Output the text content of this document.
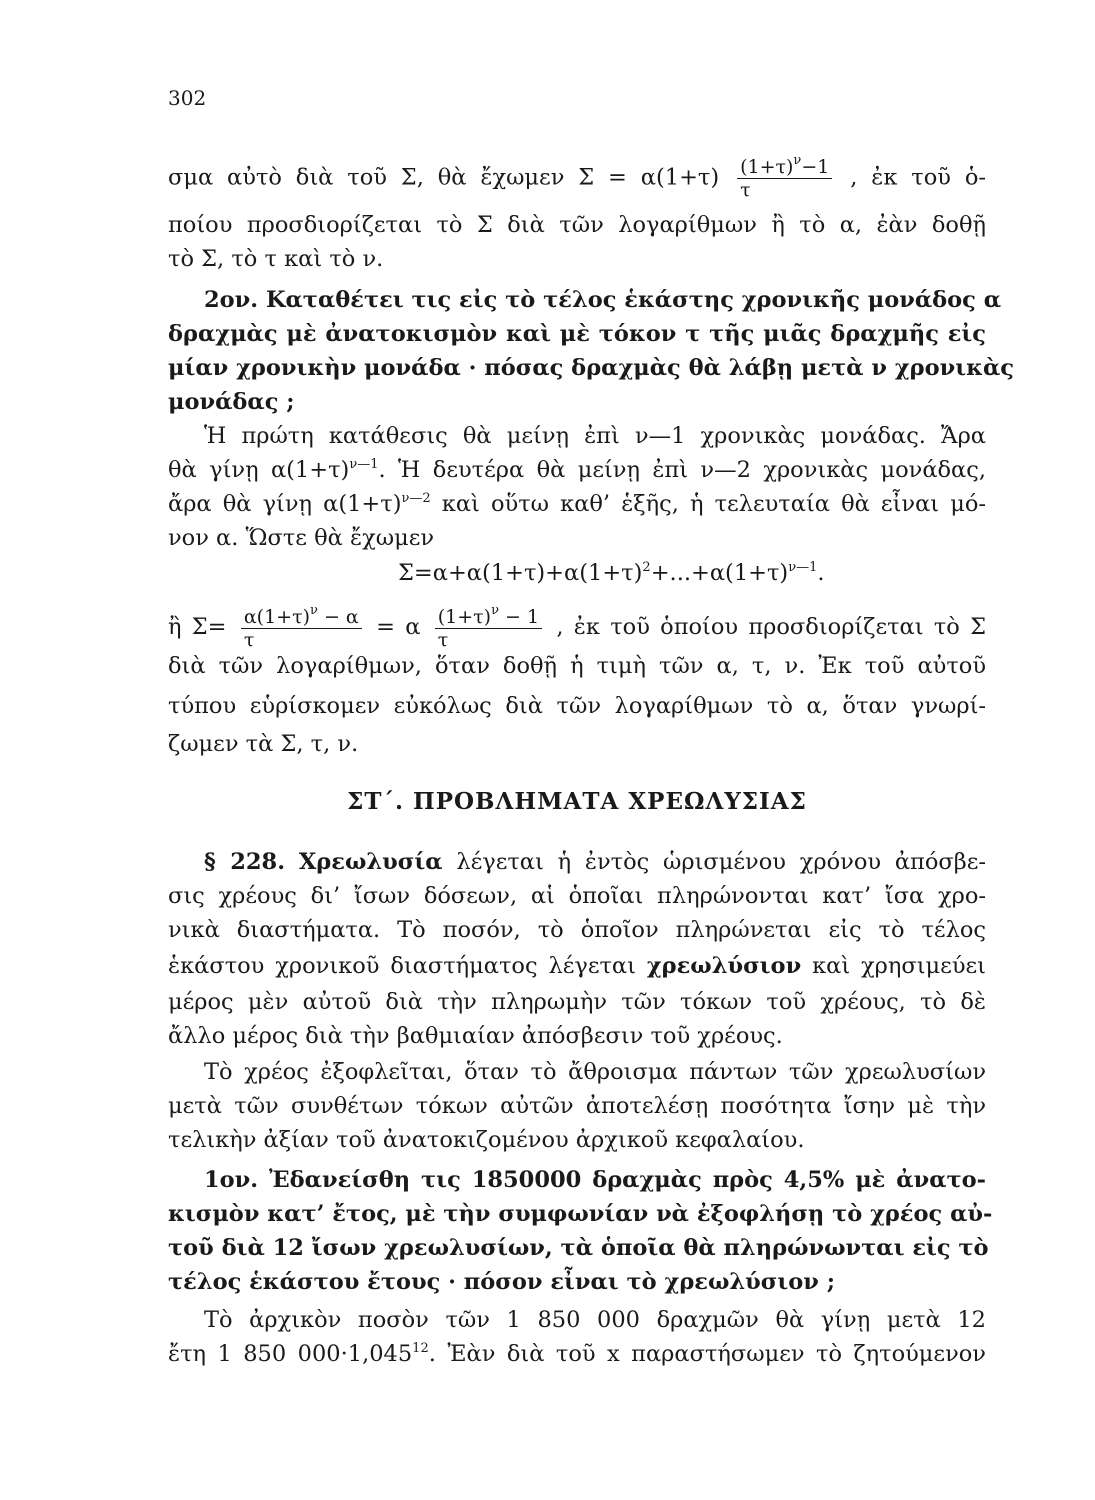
302
σμα αὐτὸ διὰ τοῦ Σ, θὰ ἔχωμεν $\Sigma = \alpha(1+\tau) \frac{(1+\tau)^\nu-1}{\tau}$ , ἐκ τοῦ ὁ-
ποίου προσδιορίζεται τὸ Σ διὰ τῶν λογαρίθμων ἢ τὸ α, ἐὰν δοθῇ
τὸ Σ, τὸ τ καὶ τὸ ν.
2ον. Καταθέτει τις εἰς τὸ τέλος ἑκάστης χρονικῆς μονάδος α
δραχμὰς μὲ ἀνατοκισμὸν καὶ μὲ τόκον τ τῆς μιᾶς δραχμῆς εἰς
μίαν χρονικὴν μονάδα · πόσας δραχμὰς θὰ λάβῃ μετὰ ν χρονικὰς
μονάδας ;
Ἡ πρώτη κατάθεσις θὰ μείνῃ ἐπὶ ν—1 χρονικὰς μονάδας. Ἄρα
θὰ γίνῃ $\alpha(1+\tau)^{\nu—1}$. Ἡ δευτέρα θὰ μείνῃ ἐπὶ ν—2 χρονικὰς μονάδας,
ἄρα θὰ γίνῃ $\alpha(1+\tau)^{\nu—2}$ καὶ οὕτω καθ’ ἑξῆς, ἡ τελευταία θὰ εἶναι μό-
νον α. Ὥστε θὰ ἔχωμεν
$\Sigma=\alpha+\alpha(1+\tau)+\alpha(1+\tau)^2+...+\alpha(1+\tau)^{\nu—1}$.
ἢ $\Sigma= \frac{\alpha(1+\tau)^\nu - \alpha}{\tau} = \alpha \frac{(1+\tau)^\nu - 1}{\tau}$ , ἐκ τοῦ ὁποίου προσδιορίζεται τὸ Σ
διὰ τῶν λογαρίθμων, ὅταν δοθῇ ἡ τιμὴ τῶν α, τ, ν. Ἐκ τοῦ αὐτοῦ
τύπου εὑρίσκομεν εὐκόλως διὰ τῶν λογαρίθμων τὸ α, ὅταν γνωρί-
ζωμεν τὰ Σ, τ, ν.
ΣΤ΄. ΠΡΟΒΛΗΜΑΤΑ ΧΡΕΩΛΥΣΙΑΣ
§ 228. Χρεωλυσία λέγεται ἡ ἐντὸς ὡρισμένου χρόνου ἀπόσβε-
σις χρέους δι’ ἴσων δόσεων, αἱ ὁποῖαι πληρώνονται κατ’ ἴσα χρο-
νικὰ διαστήματα. Τὸ ποσόν, τὸ ὁποῖον πληρώνεται εἰς τὸ τέλος
ἑκάστου χρονικοῦ διαστήματος λέγεται χρεωλύσιον καὶ χρησιμεύει
μέρος μὲν αὐτοῦ διὰ τὴν πληρωμὴν τῶν τόκων τοῦ χρέους, τὸ δὲ
ἄλλο μέρος διὰ τὴν βαθμιαίαν ἀπόσβεσιν τοῦ χρέους.
Τὸ χρέος ἐξοφλεῖται, ὅταν τὸ ἄθροισμα πάντων τῶν χρεωλυσίων
μετὰ τῶν συνθέτων τόκων αὐτῶν ἀποτελέσῃ ποσότητα ἴσην μὲ τὴν
τελικὴν ἀξίαν τοῦ ἀνατοκιζομένου ἀρχικοῦ κεφαλαίου.
1ον. Ἐδανείσθη τις 1850000 δραχμὰς πρὸς 4,5% μὲ ἀνατο-
κισμὸν κατ’ ἔτος, μὲ τὴν συμφωνίαν νὰ ἐξοφλήσῃ τὸ χρέος αὐ-
τοῦ διὰ 12 ἴσων χρεωλυσίων, τὰ ὁποῖα θὰ πληρώνωνται εἰς τὸ
τέλος ἑκάστου ἔτους · πόσον εἶναι τὸ χρεωλύσιον ;
Τὸ ἀρχικὸν ποσὸν τῶν 1 850 000 δραχμῶν θὰ γίνῃ μετὰ 12
ἔτη 1 850 $000\cdot 1,045^{12}$. Ἐὰν διὰ τοῦ x παραστήσωμεν τὸ ζητούμενον
